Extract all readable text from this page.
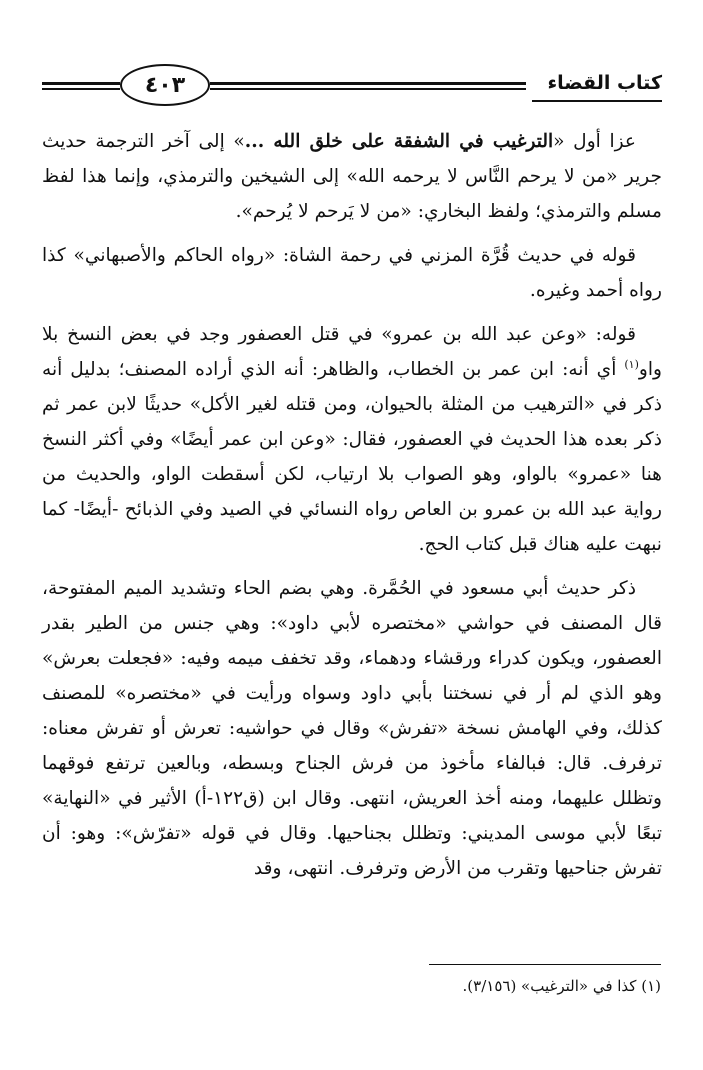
٤٠٣	كتاب القضاء

عزا أول «الترغيب في الشفقة على خلق الله ...» إلى آخر الترجمة حديث جرير «من لا يرحم النَّاس لا يرحمه الله» إلى الشيخين والترمذي، وإنما هذا لفظ مسلم والترمذي؛ ولفظ البخاري: «من لا يَرحم لا يُرحم».

قوله في حديث قُرَّة المزني في رحمة الشاة: «رواه الحاكم والأصبهاني» كذا رواه أحمد وغيره.

قوله: «وعن عبد الله بن عمرو» في قتل العصفور وجد في بعض النسخ بلا واو$^{(١)}$ أي أنه: ابن عمر بن الخطاب، والظاهر: أنه الذي أراده المصنف؛ بدليل أنه ذكر في «الترهيب من المثلة بالحيوان، ومن قتله لغير الأكل» حديثًا لابن عمر ثم ذكر بعده هذا الحديث في العصفور، فقال: «وعن ابن عمر أيضًا» وفي أكثر النسخ هنا «عمرو» بالواو، وهو الصواب بلا ارتياب، لكن أسقطت الواو، والحديث من رواية عبد الله بن عمرو بن العاص رواه النسائي في الصيد وفي الذبائح -أيضًا- كما نبهت عليه هناك قبل كتاب الحج.

ذكر حديث أبي مسعود في الحُمَّرة. وهي بضم الحاء وتشديد الميم المفتوحة، قال المصنف في حواشي «مختصره لأبي داود»: وهي جنس من الطير بقدر العصفور، ويكون كدراء ورقشاء ودهماء، وقد تخفف ميمه وفيه: «فجعلت بعرش» وهو الذي لم أر في نسختنا بأبي داود وسواه ورأيت في «مختصره» للمصنف كذلك، وفي الهامش نسخة «تفرش» وقال في حواشيه: تعرش أو تفرش معناه: ترفرف. قال: فبالفاء مأخوذ من فرش الجناح وبسطه، وبالعين ترتفع فوقهما وتظلل عليهما، ومنه أخذ العريش، انتهى. وقال ابن (ق١٢٢-أ) الأثير في «النهاية» تبعًا لأبي موسى المديني: وتظلل بجناحيها. وقال في قوله «تفرّش»: وهو: أن تفرش جناحيها وتقرب من الأرض وترفرف. انتهى، وقد

(١) كذا في «الترغيب» (٣/١٥٦).
